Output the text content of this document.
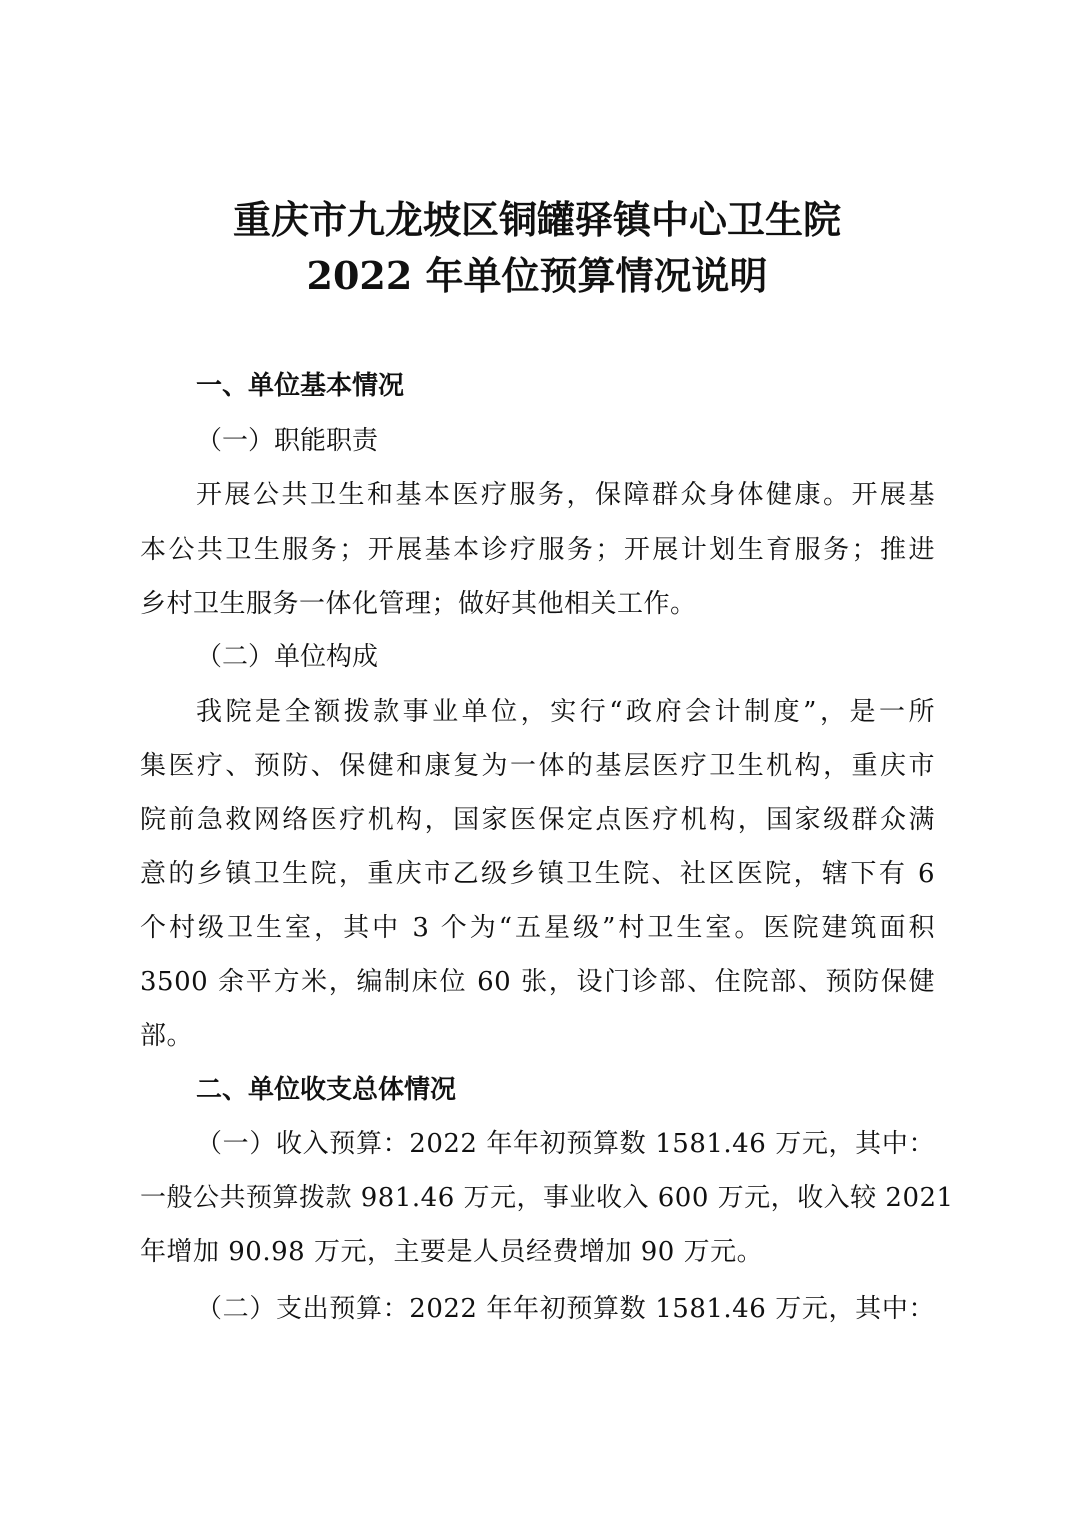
重庆市九龙坡区铜罐驿镇中心卫生院
2022 年单位预算情况说明
一、单位基本情况
（一）职能职责
开展公共卫生和基本医疗服务，保障群众身体健康。开展基
本公共卫生服务；开展基本诊疗服务；开展计划生育服务；推进
乡村卫生服务一体化管理；做好其他相关工作。
（二）单位构成
我院是全额拨款事业单位，实行“政府会计制度”，是一所
集医疗、预防、保健和康复为一体的基层医疗卫生机构，重庆市
院前急救网络医疗机构，国家医保定点医疗机构，国家级群众满
意的乡镇卫生院，重庆市乙级乡镇卫生院、社区医院，辖下有 6
个村级卫生室，其中 3 个为“五星级”村卫生室。医院建筑面积
3500 余平方米，编制床位 60 张，设门诊部、住院部、预防保健
部。
二、单位收支总体情况
（一）收入预算：2022 年年初预算数 1581.46 万元，其中：
一般公共预算拨款 981.46 万元，事业收入 600 万元，收入较 2021
年增加 90.98 万元，主要是人员经费增加 90 万元。
（二）支出预算：2022 年年初预算数 1581.46 万元，其中：
